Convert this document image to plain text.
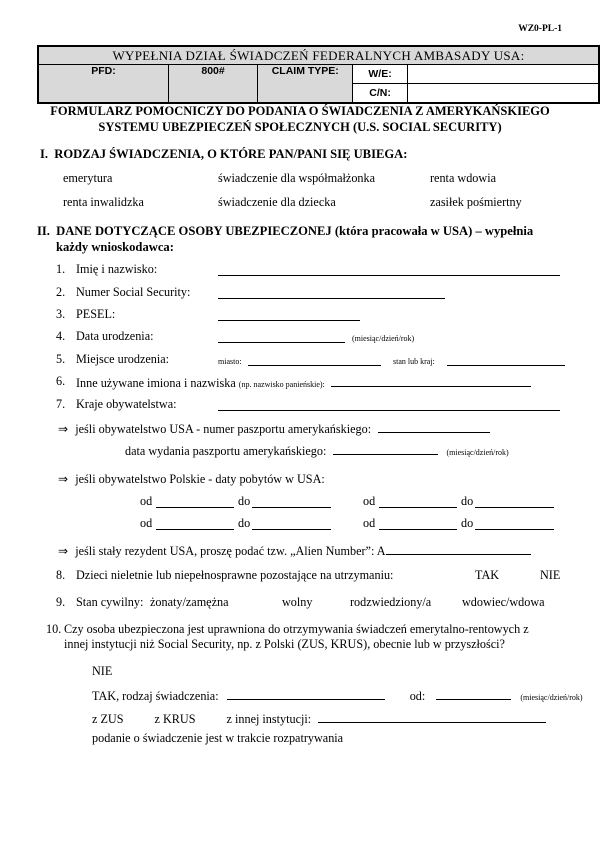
WZ0-PL-1
WYPEŁNIA DZIAŁ ŚWIADCZEŃ FEDERALNYCH AMBASADY USA:				
PFD:	800#	CLAIM TYPE:	W/E:	
			C/N:	
FORMULARZ POMOCNICZY DO PODANIA O ŚWIADCZENIA Z AMERYKAŃSKIEGO
SYSTEMU UBEZPIECZEŃ SPOŁECZNYCH (U.S. SOCIAL SECURITY)
I. RODZAJ ŚWIADCZENIA, O KTÓRE PAN/PANI SIĘ UBIEGA:
emerytura	świadczenie dla współmałżonka	renta wdowia
renta inwalidzka	świadczenie dla dziecka	zasiłek pośmiertny
II. DANE DOTYCZĄCE OSOBY UBEZPIECZONEJ (która pracowała w USA) – wypełnia
każdy wnioskodawca:
1. Imię i nazwisko:
2. Numer Social Security:
3. PESEL:
4. Data urodzenia:	(miesiąc/dzień/rok)
5. Miejsce urodzenia:	miasto:	stan lub kraj:
6. Inne używane imiona i nazwiska (np. nazwisko panieńskie):
7. Kraje obywatelstwa:
⇒ jeśli obywatelstwo USA - numer paszportu amerykańskiego:
data wydania paszportu amerykańskiego:	(miesiąc/dzień/rok)
⇒ jeśli obywatelstwo Polskie - daty pobytów w USA:
od	do	od	do
od	do	od	do
⇒ jeśli stały rezydent USA, proszę podać tzw. „Alien Number”: A
8. Dzieci nieletnie lub niepełnosprawne pozostające na utrzymaniu:	TAK	NIE
9. Stan cywilny: żonaty/zamężna	wolny	rodzwiedziony/a	wdowiec/wdowa
10. Czy osoba ubezpieczona jest uprawniona do otrzymywania świadczeń emerytalno-rentowych z
innej instytucji niż Social Security, np. z Polski (ZUS, KRUS), obecnie lub w przyszłości?
NIE
TAK, rodzaj świadczenia:	od:	(miesiąc/dzień/rok)
z ZUS	z KRUS	z innej instytucji:
podanie o świadczenie jest w trakcie rozpatrywania
